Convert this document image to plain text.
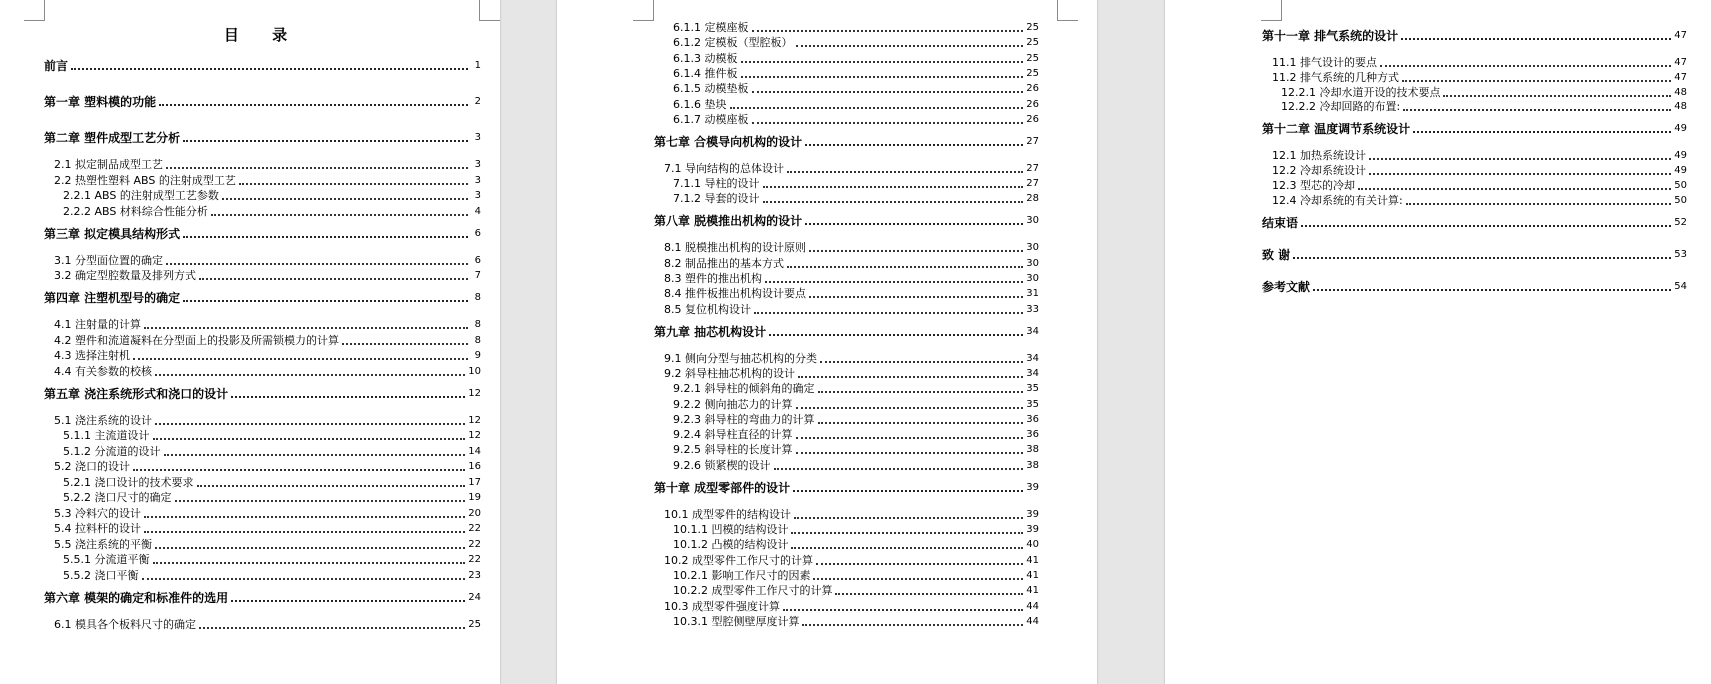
目 录
前言	1
第一章 塑料模的功能	2
第二章 塑件成型工艺分析	3
2.1 拟定制品成型工艺	3
2.2 热塑性塑料 ABS 的注射成型工艺	3
2.2.1 ABS 的注射成型工艺参数	3
2.2.2 ABS 材料综合性能分析	4
第三章 拟定模具结构形式	6
3.1 分型面位置的确定	6
3.2 确定型腔数量及排列方式	7
第四章 注塑机型号的确定	8
4.1 注射量的计算	8
4.2 塑件和流道凝料在分型面上的投影及所需锁模力的计算	8
4.3 选择注射机	9
4.4 有关参数的校核	10
第五章 浇注系统形式和浇口的设计	12
5.1 浇注系统的设计	12
5.1.1 主流道设计	12
5.1.2 分流道的设计	14
5.2 浇口的设计	16
5.2.1 浇口设计的技术要求	17
5.2.2 浇口尺寸的确定	19
5.3 冷料穴的设计	20
5.4 拉料杆的设计	22
5.5 浇注系统的平衡	22
5.5.1 分流道平衡	22
5.5.2 浇口平衡	23
第六章 模架的确定和标准件的选用	24
6.1 模具各个板料尺寸的确定	25
6.1.1 定模座板	25
6.1.2 定模板（型腔板）	25
6.1.3 动模板	25
6.1.4 推件板	25
6.1.5 动模垫板	26
6.1.6 垫块	26
6.1.7 动模座板	26
第七章 合模导向机构的设计	27
7.1 导向结构的总体设计	27
7.1.1 导柱的设计	27
7.1.2 导套的设计	28
第八章 脱模推出机构的设计	30
8.1 脱模推出机构的设计原则	30
8.2 制品推出的基本方式	30
8.3 塑件的推出机构	30
8.4 推件板推出机构设计要点	31
8.5 复位机构设计	33
第九章 抽芯机构设计	34
9.1 侧向分型与抽芯机构的分类	34
9.2 斜导柱抽芯机构的设计	34
9.2.1 斜导柱的倾斜角的确定	35
9.2.2 侧向抽芯力的计算	35
9.2.3 斜导柱的弯曲力的计算	36
9.2.4 斜导柱直径的计算	36
9.2.5 斜导柱的长度计算	38
9.2.6 锁紧楔的设计	38
第十章 成型零部件的设计	39
10.1 成型零件的结构设计	39
10.1.1 凹模的结构设计	39
10.1.2 凸模的结构设计	40
10.2 成型零件工作尺寸的计算	41
10.2.1 影响工作尺寸的因素	41
10.2.2 成型零件工作尺寸的计算	41
10.3 成型零件强度计算	44
10.3.1 型腔侧壁厚度计算	44
第十一章 排气系统的设计	47
11.1 排气设计的要点	47
11.2 排气系统的几种方式	47
12.2.1 冷却水道开设的技术要点	48
12.2.2 冷却回路的布置:	48
第十二章 温度调节系统设计	49
12.1 加热系统设计	49
12.2 冷却系统设计	49
12.3 型芯的冷却	50
12.4 冷却系统的有关计算:	50
结束语	52
致 谢	53
参考文献	54
